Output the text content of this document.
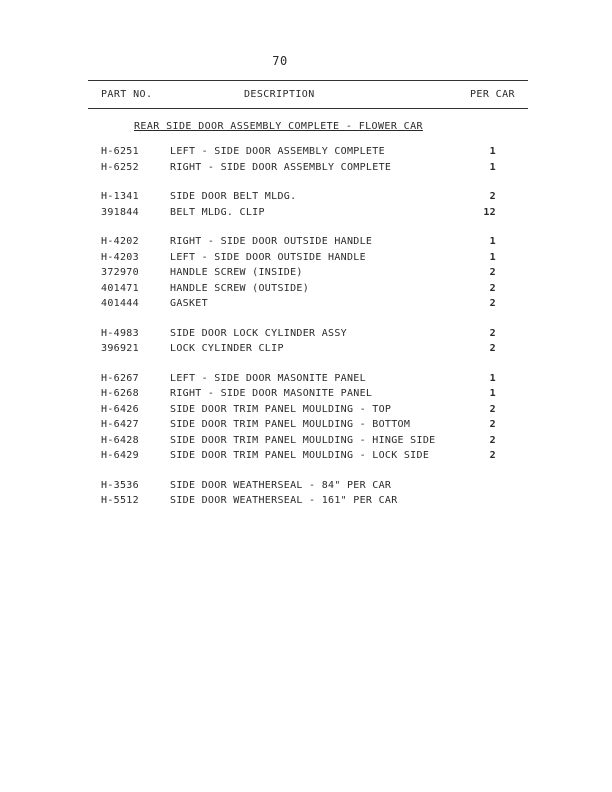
70
PART NO.	DESCRIPTION	PER CAR
REAR SIDE DOOR ASSEMBLY COMPLETE - FLOWER CAR
H-6251	LEFT - SIDE DOOR ASSEMBLY COMPLETE	1
H-6252	RIGHT - SIDE DOOR ASSEMBLY COMPLETE	1
H-1341	SIDE DOOR BELT MLDG.	2
391844	BELT MLDG. CLIP	12
H-4202	RIGHT - SIDE DOOR OUTSIDE HANDLE	1
H-4203	LEFT - SIDE DOOR OUTSIDE HANDLE	1
372970	HANDLE SCREW (INSIDE)	2
401471	HANDLE SCREW (OUTSIDE)	2
401444	GASKET	2
H-4983	SIDE DOOR LOCK CYLINDER ASSY	2
396921	LOCK CYLINDER CLIP	2
H-6267	LEFT - SIDE DOOR MASONITE PANEL	1
H-6268	RIGHT - SIDE DOOR MASONITE PANEL	1
H-6426	SIDE DOOR TRIM PANEL MOULDING - TOP	2
H-6427	SIDE DOOR TRIM PANEL MOULDING - BOTTOM	2
H-6428	SIDE DOOR TRIM PANEL MOULDING - HINGE SIDE	2
H-6429	SIDE DOOR TRIM PANEL MOULDING - LOCK SIDE	2
H-3536	SIDE DOOR WEATHERSEAL - 84" PER CAR
H-5512	SIDE DOOR WEATHERSEAL - 161" PER CAR
